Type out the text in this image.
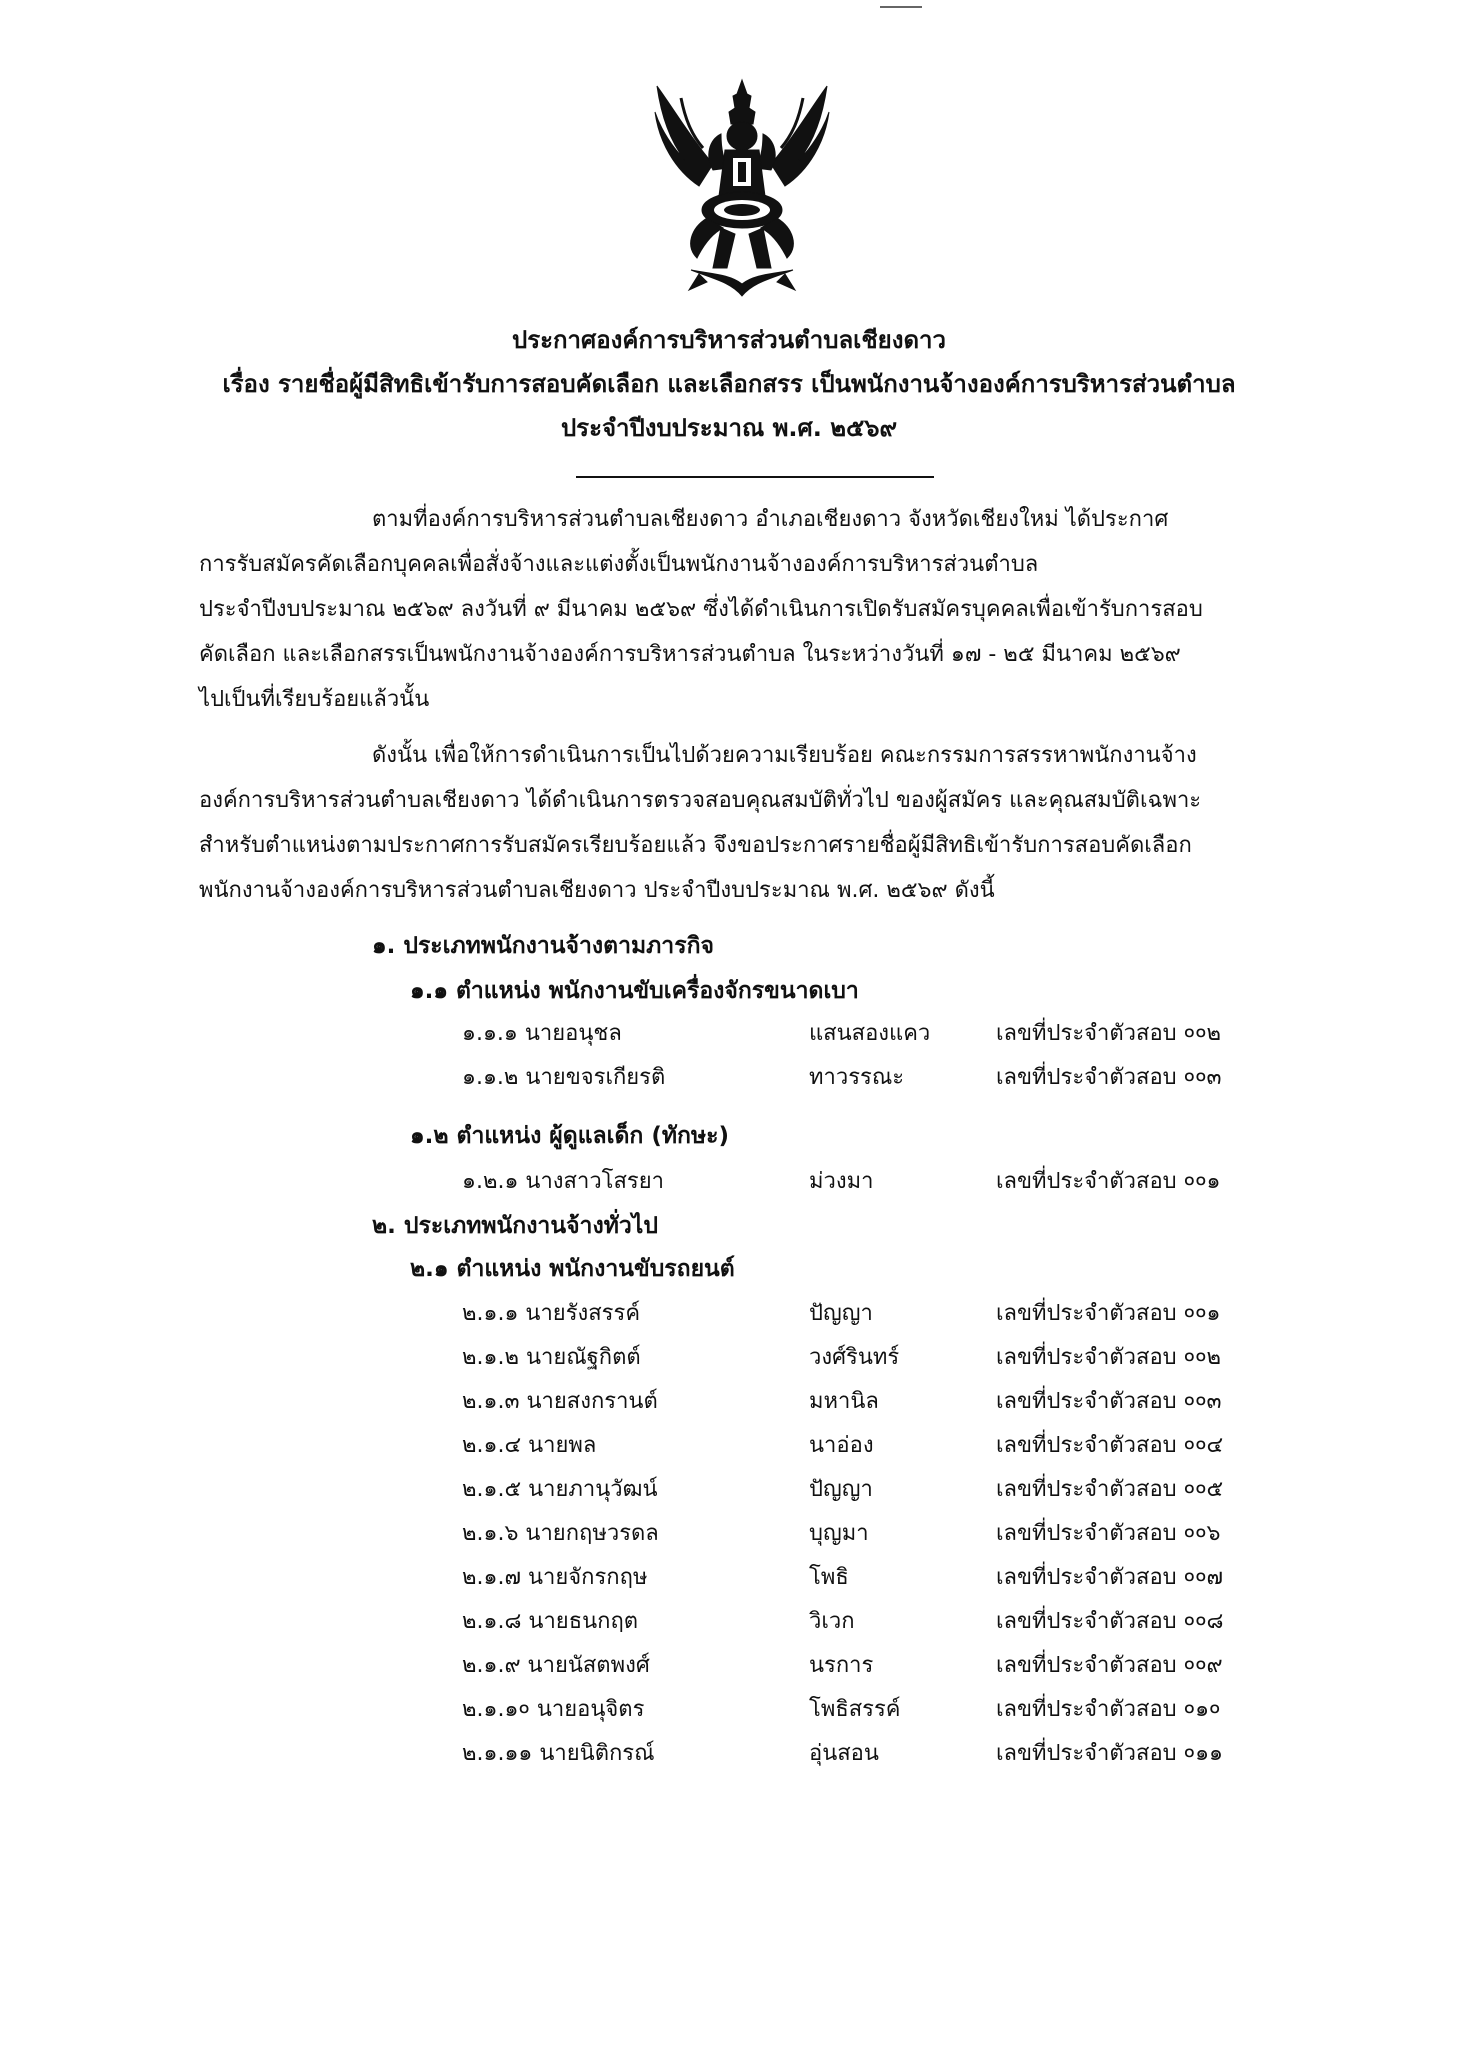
ประกาศองค์การบริหารส่วนตำบลเชียงดาว
เรื่อง รายชื่อผู้มีสิทธิเข้ารับการสอบคัดเลือก และเลือกสรร เป็นพนักงานจ้างองค์การบริหารส่วนตำบล
ประจำปีงบประมาณ พ.ศ. ๒๕๖๙
ตามที่องค์การบริหารส่วนตำบลเชียงดาว อำเภอเชียงดาว จังหวัดเชียงใหม่ ได้ประกาศ
การรับสมัครคัดเลือกบุคคลเพื่อสั่งจ้างและแต่งตั้งเป็นพนักงานจ้างองค์การบริหารส่วนตำบล
ประจำปีงบประมาณ ๒๕๖๙ ลงวันที่ ๙ มีนาคม ๒๕๖๙ ซึ่งได้ดำเนินการเปิดรับสมัครบุคคลเพื่อเข้ารับการสอบ
คัดเลือก และเลือกสรรเป็นพนักงานจ้างองค์การบริหารส่วนตำบล ในระหว่างวันที่ ๑๗ - ๒๕ มีนาคม ๒๕๖๙
ไปเป็นที่เรียบร้อยแล้วนั้น
ดังนั้น เพื่อให้การดำเนินการเป็นไปด้วยความเรียบร้อย คณะกรรมการสรรหาพนักงานจ้าง
องค์การบริหารส่วนตำบลเชียงดาว ได้ดำเนินการตรวจสอบคุณสมบัติทั่วไป ของผู้สมัคร และคุณสมบัติเฉพาะ
สำหรับตำแหน่งตามประกาศการรับสมัครเรียบร้อยแล้ว จึงขอประกาศรายชื่อผู้มีสิทธิเข้ารับการสอบคัดเลือก
พนักงานจ้างองค์การบริหารส่วนตำบลเชียงดาว ประจำปีงบประมาณ พ.ศ. ๒๕๖๙ ดังนี้
๑. ประเภทพนักงานจ้างตามภารกิจ
๑.๑ ตำแหน่ง พนักงานขับเครื่องจักรขนาดเบา
๑.๑.๑ นายอนุชล	แสนสองแคว	เลขที่ประจำตัวสอบ ००๒
๑.๑.๒ นายขจรเกียรติ	ทาวรรณะ	เลขที่ประจำตัวสอบ ००๓
๑.๒ ตำแหน่ง ผู้ดูแลเด็ก (ทักษะ)
๑.๒.๑ นางสาวโสรยา	ม่วงมา	เลขที่ประจำตัวสอบ ००๑
๒. ประเภทพนักงานจ้างทั่วไป
๒.๑ ตำแหน่ง พนักงานขับรถยนต์
๒.๑.๑ นายรังสรรค์	ปัญญา	เลขที่ประจำตัวสอบ ००๑
๒.๑.๒ นายณัฐกิตต์	วงศ์รินทร์	เลขที่ประจำตัวสอบ ००๒
๒.๑.๓ นายสงกรานต์	มหานิล	เลขที่ประจำตัวสอบ ००๓
๒.๑.๔ นายพล	นาอ่อง	เลขที่ประจำตัวสอบ ००๔
๒.๑.๕ นายภานุวัฒน์	ปัญญา	เลขที่ประจำตัวสอบ ००๕
๒.๑.๖ นายกฤษวรดล	บุญมา	เลขที่ประจำตัวสอบ ००๖
๒.๑.๗ นายจักรกฤษ	โพธิ	เลขที่ประจำตัวสอบ ००๗
๒.๑.๘ นายธนกฤต	วิเวก	เลขที่ประจำตัวสอบ ००๘
๒.๑.๙ นายนัสตพงศ์	นรการ	เลขที่ประจำตัวสอบ ००๙
๒.๑.๑० นายอนุจิตร	โพธิสรรค์	เลขที่ประจำตัวสอบ ०๑०
๒.๑.๑๑ นายนิติกรณ์	อุ่นสอน	เลขที่ประจำตัวสอบ ०๑๑
